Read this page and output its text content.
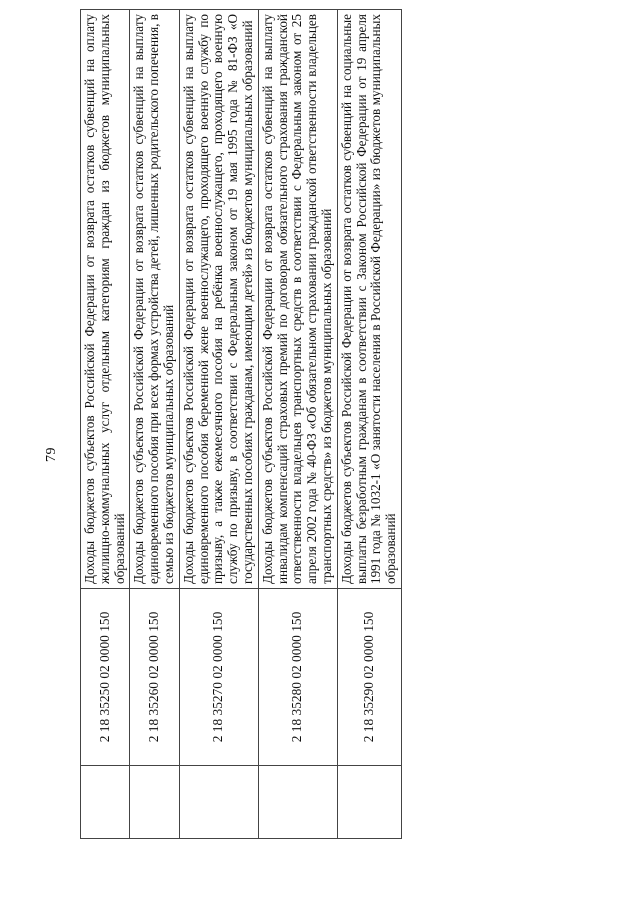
79
	2 18 35250 02 0000 150	Доходы бюджетов субъектов Российской Федерации от возврата остатков субвенций на оплату жилищно-коммунальных услуг отдельным категориям граждан из бюджетов муниципальных образований
	2 18 35260 02 0000 150	Доходы бюджетов субъектов Российской Федерации от возврата остатков субвенций на выплату единовременного пособия при всех формах устройства детей, лишенных родительского попечения, в семью из бюджетов муниципальных образований
	2 18 35270 02 0000 150	Доходы бюджетов субъектов Российской Федерации от возврата остатков субвенций на выплату единовременного пособия беременной жене военнослужащего, проходящего военную службу по призыву, а также ежемесячного пособия на ребёнка военнослужащего, проходящего военную службу по призыву, в соответствии с Федеральным законом от 19 мая 1995 года № 81-ФЗ «О государственных пособиях гражданам, имеющим детей» из бюджетов муниципальных образований
	2 18 35280 02 0000 150	Доходы бюджетов субъектов Российской Федерации от возврата остатков субвенций на выплату инвалидам компенсаций страховых премий по договорам обязательного страхования гражданской ответственности владельцев транспортных средств в соответствии с Федеральным законом от 25 апреля 2002 года № 40-ФЗ «Об обязательном страховании гражданской ответственности владельцев транспортных средств» из бюджетов муниципальных образований
	2 18 35290 02 0000 150	Доходы бюджетов субъектов Российской Федерации от возврата остатков субвенций на социальные выплаты безработным гражданам в соответствии с Законом Российской Федерации от 19 апреля 1991 года № 1032-1 «О занятости населения в Российской Федерации» из бюджетов муниципальных образований
